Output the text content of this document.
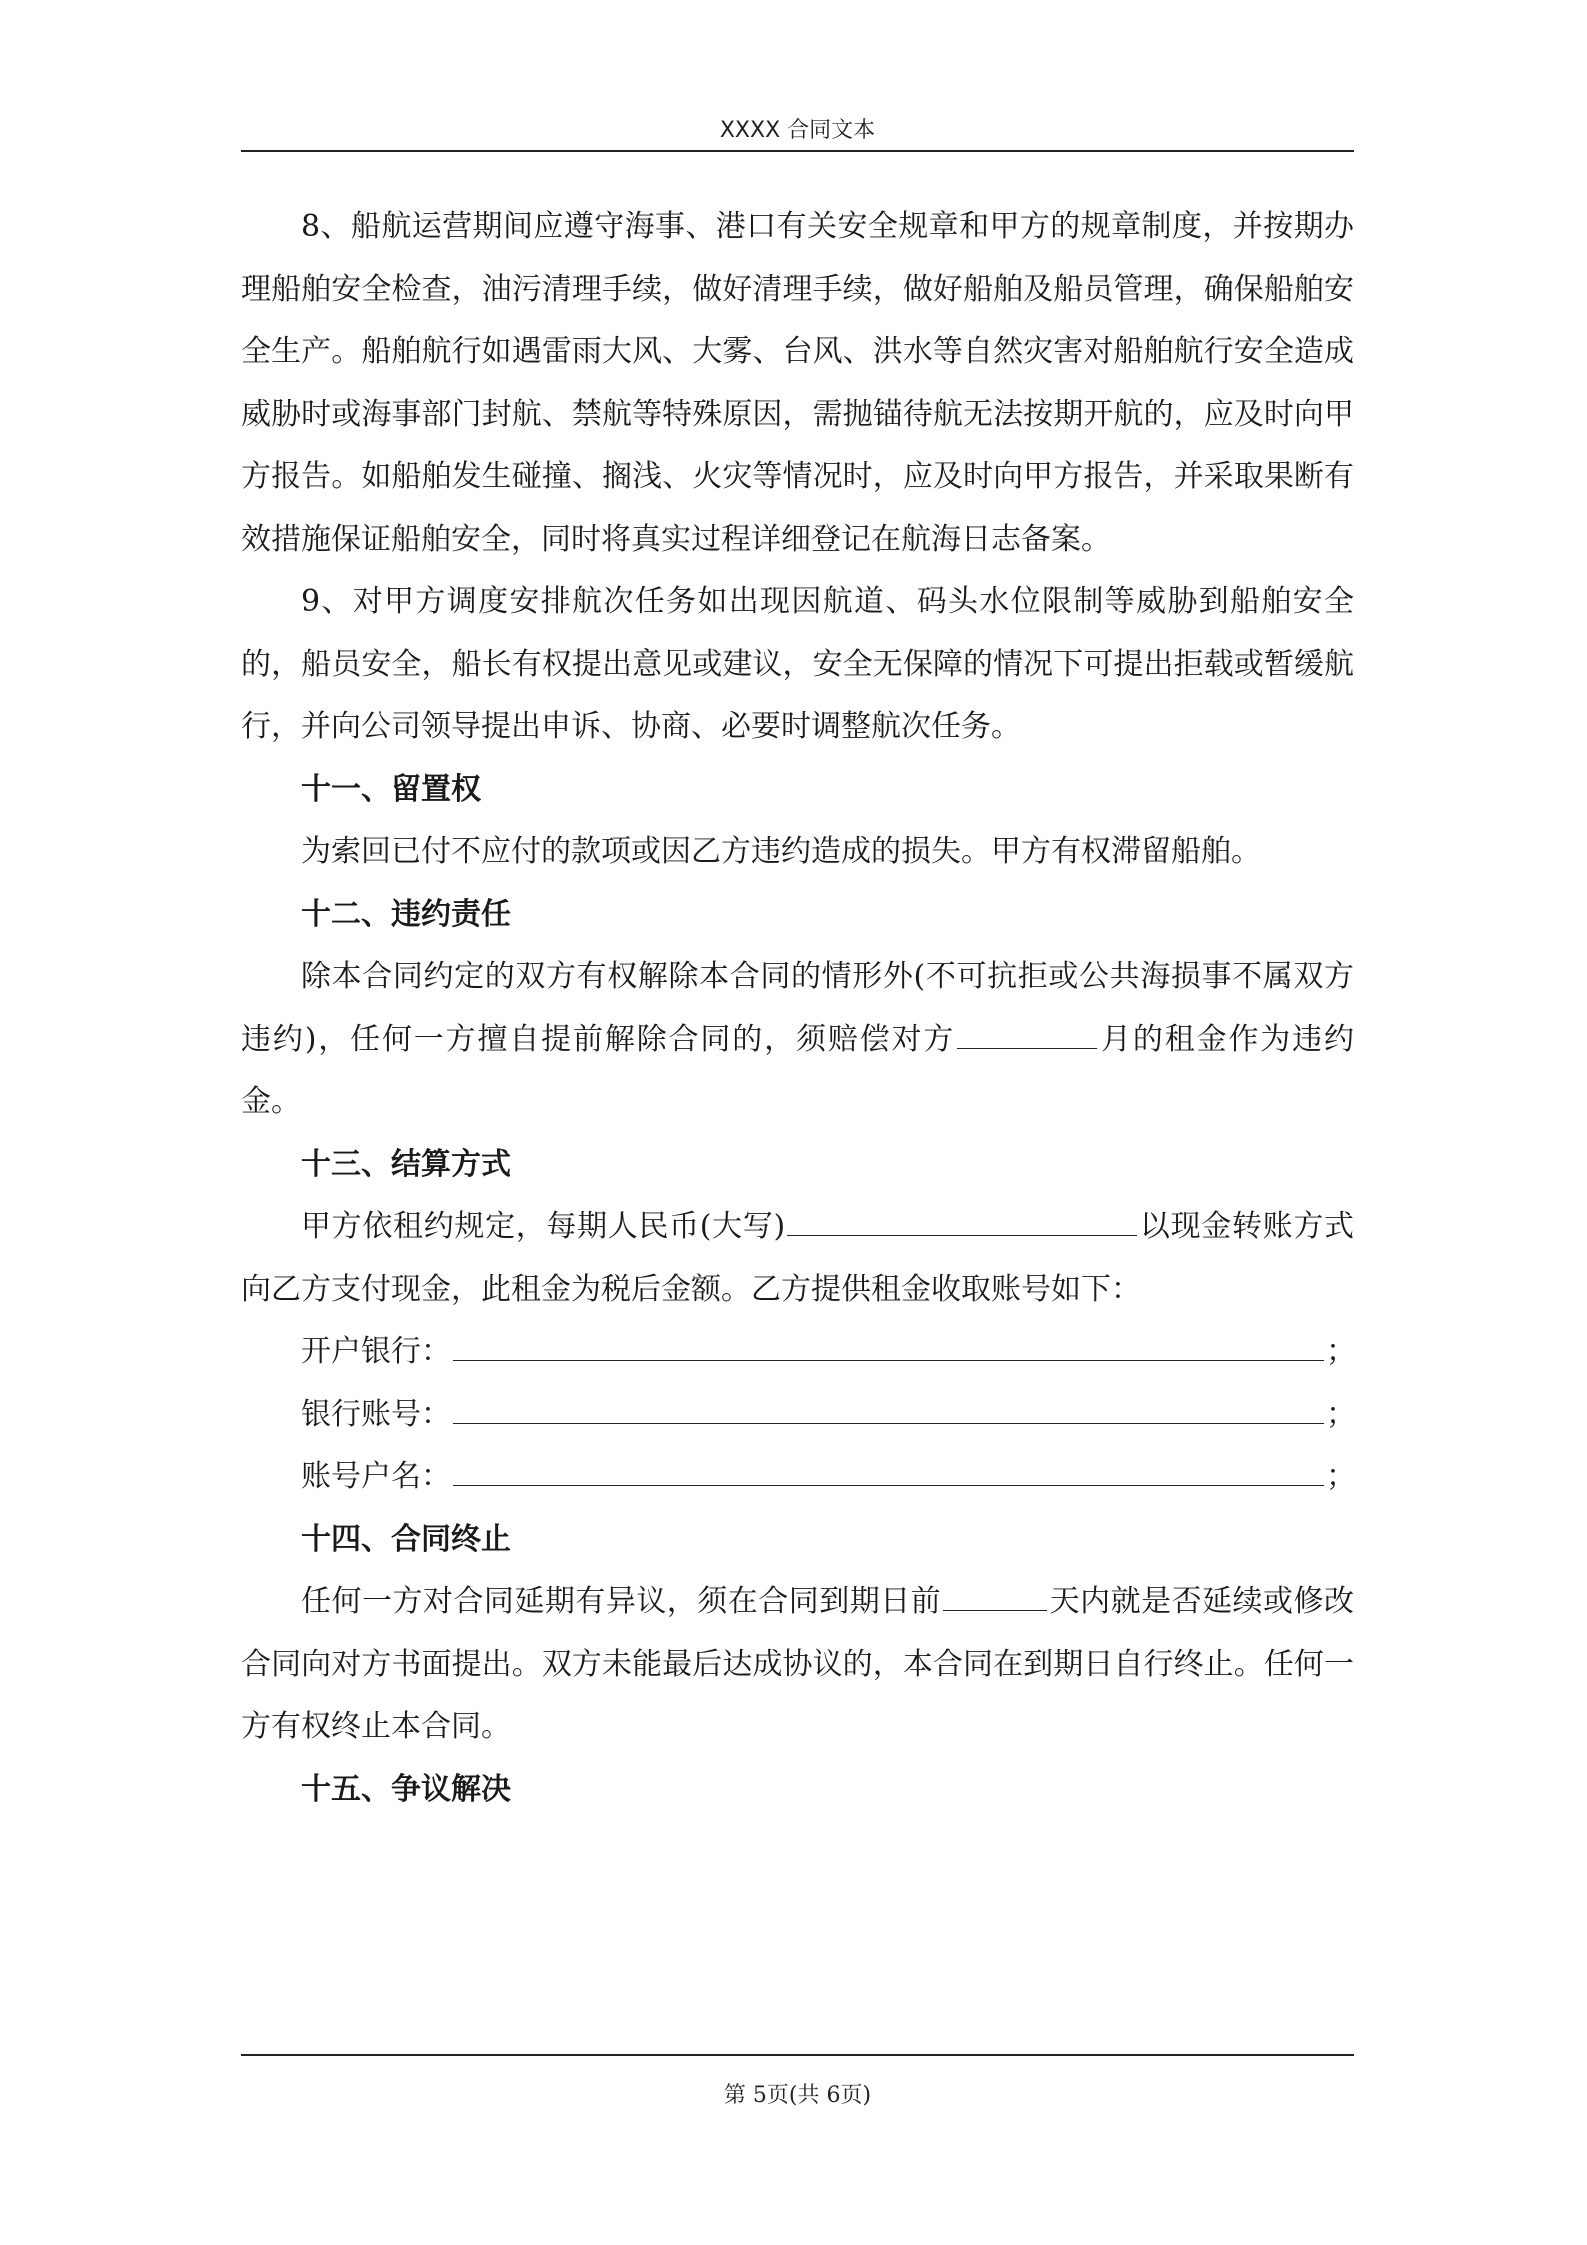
XXXX 合同文本

8、船航运营期间应遵守海事、港口有关安全规章和甲方的规章制度，并按期办理船舶安全检查，油污清理手续，做好清理手续，做好船舶及船员管理，确保船舶安全生产。船舶航行如遇雷雨大风、大雾、台风、洪水等自然灾害对船舶航行安全造成威胁时或海事部门封航、禁航等特殊原因，需抛锚待航无法按期开航的，应及时向甲方报告。如船舶发生碰撞、搁浅、火灾等情况时，应及时向甲方报告，并采取果断有效措施保证船舶安全，同时将真实过程详细登记在航海日志备案。

9、对甲方调度安排航次任务如出现因航道、码头水位限制等威胁到船舶安全的，船员安全，船长有权提出意见或建议，安全无保障的情况下可提出拒载或暂缓航行，并向公司领导提出申诉、协商、必要时调整航次任务。

十一、留置权

为索回已付不应付的款项或因乙方违约造成的损失。甲方有权滞留船舶。

十二、违约责任

除本合同约定的双方有权解除本合同的情形外(不可抗拒或公共海损事不属双方违约)，任何一方擅自提前解除合同的，须赔偿对方	月的租金作为违约金。

十三、结算方式

甲方依租约规定，每期人民币(大写)	以现金转账方式向乙方支付现金，此租金为税后金额。乙方提供租金收取账号如下：

开户银行：	；
银行账号：	；
账号户名：	；

十四、合同终止

任何一方对合同延期有异议，须在合同到期日前	天内就是否延续或修改合同向对方书面提出。双方未能最后达成协议的，本合同在到期日自行终止。任何一方有权终止本合同。

十五、争议解决

第 5页(共 6页)
